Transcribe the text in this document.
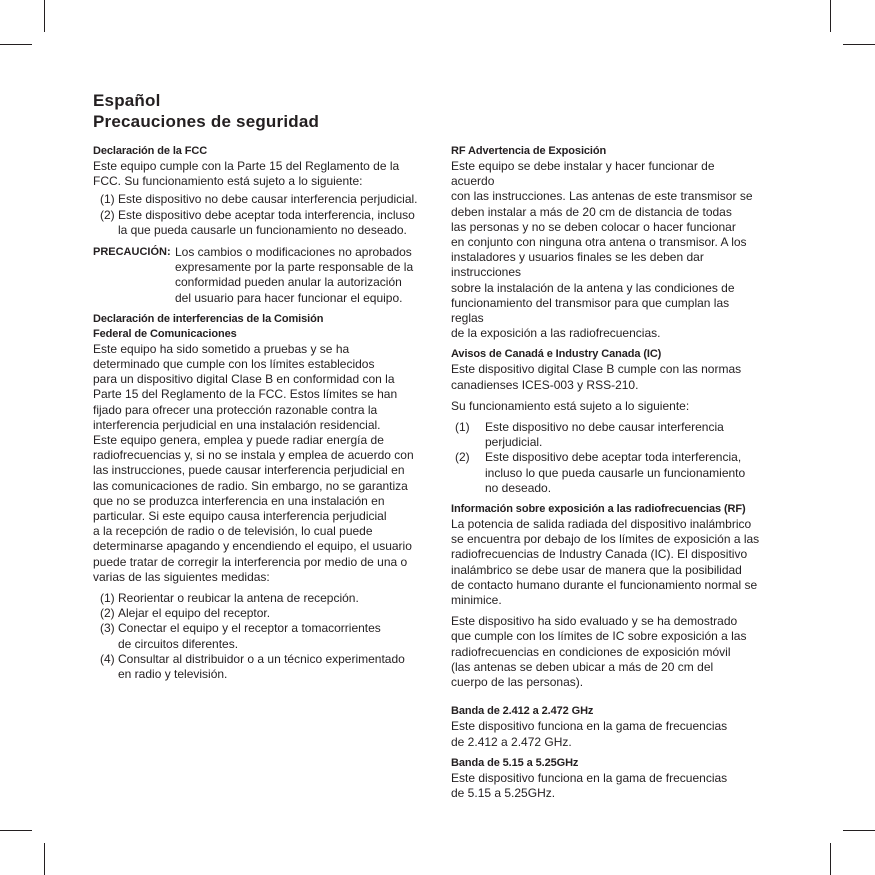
Español
Precauciones de seguridad

Declaración de la FCC

Este equipo cumple con la Parte 15 del Reglamento de la
FCC. Su funcionamiento está sujeto a lo siguiente:

(1) Este dispositivo no debe causar interferencia perjudicial.
(2) Este dispositivo debe aceptar toda interferencia, incluso
la que pueda causarle un funcionamiento no deseado.
PRECAUCIÓN: Los cambios o modificaciones no aprobados
expresamente por la parte responsable de la
conformidad pueden anular la autorización
del usuario para hacer funcionar el equipo.

Declaración de interferencias de la Comisión
Federal de Comunicaciones

Este equipo ha sido sometido a pruebas y se ha
determinado que cumple con los límites establecidos
para un dispositivo digital Clase B en conformidad con la
Parte 15 del Reglamento de la FCC. Estos límites se han
fijado para ofrecer una protección razonable contra la
interferencia perjudicial en una instalación residencial.
Este equipo genera, emplea y puede radiar energía de
radiofrecuencias y, si no se instala y emplea de acuerdo con
las instrucciones, puede causar interferencia perjudicial en
las comunicaciones de radio. Sin embargo, no se garantiza
que no se produzca interferencia en una instalación en
particular. Si este equipo causa interferencia perjudicial
a la recepción de radio o de televisión, lo cual puede
determinarse apagando y encendiendo el equipo, el usuario
puede tratar de corregir la interferencia por medio de una o
varias de las siguientes medidas:

(1) Reorientar o reubicar la antena de recepción.
(2) Alejar el equipo del receptor.
(3) Conectar el equipo y el receptor a tomacorrientes
de circuitos diferentes.
(4) Consultar al distribuidor o a un técnico experimentado
en radio y televisión.

RF Advertencia de Exposición

Este equipo se debe instalar y hacer funcionar de acuerdo
con las instrucciones. Las antenas de este transmisor se
deben instalar a más de 20 cm de distancia de todas
las personas y no se deben colocar o hacer funcionar
en conjunto con ninguna otra antena o transmisor. A los
instaladores y usuarios finales se les deben dar instrucciones
sobre la instalación de la antena y las condiciones de
funcionamiento del transmisor para que cumplan las reglas
de la exposición a las radiofrecuencias.

Avisos de Canadá e Industry Canada (IC)

Este dispositivo digital Clase B cumple con las normas
canadienses ICES-003 y RSS-210.

Su funcionamiento está sujeto a lo siguiente:

(1)	Este dispositivo no debe causar interferencia
perjudicial.
(2)	Este dispositivo debe aceptar toda interferencia,
incluso lo que pueda causarle un funcionamiento
no deseado.

Información sobre exposición a las radiofrecuencias (RF)

La potencia de salida radiada del dispositivo inalámbrico
se encuentra por debajo de los límites de exposición a las
radiofrecuencias de Industry Canada (IC). El dispositivo
inalámbrico se debe usar de manera que la posibilidad
de contacto humano durante el funcionamiento normal se
minimice.

Este dispositivo ha sido evaluado y se ha demostrado
que cumple con los límites de IC sobre exposición a las
radiofrecuencias en condiciones de exposición móvil
(las antenas se deben ubicar a más de 20 cm del
cuerpo de las personas).

Banda de 2.412 a 2.472 GHz

Este dispositivo funciona en la gama de frecuencias
de 2.412 a 2.472 GHz.

Banda de 5.15 a 5.25GHz

Este dispositivo funciona en la gama de frecuencias
de 5.15 a 5.25GHz.
